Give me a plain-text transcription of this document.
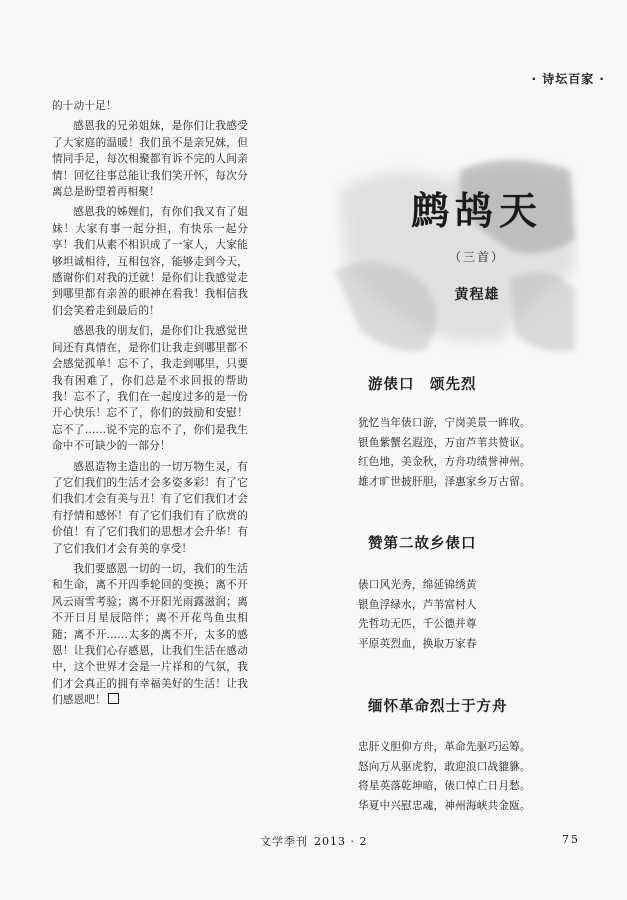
· 诗坛百家 ·

的十动十足！

感恩我的兄弟姐妹，是你们让我感受了大家庭的温暖！我们虽不是亲兄妹，但情同手足，每次相聚都有诉不完的人间亲情！回忆往事总能让我们笑开怀，每次分离总是盼望着再相聚！

感恩我的姊娌们，有你们我又有了姐妹！大家有事一起分担，有快乐一起分享！我们从素不相识成了一家人，大家能够坦诚相待，互相包容，能够走到今天，感谢你们对我的迁就！是你们让我感觉走到哪里都有亲善的眼神在看我！我相信我们会笑着走到最后的！

感恩我的朋友们，是你们让我感觉世间还有真情在，是你们让我走到哪里都不会感觉孤单！忘不了，我走到哪里，只要我有困难了，你们总是不求回报的帮助我！忘不了，我们在一起度过多的是一份开心快乐！忘不了，你们的鼓励和安慰！忘不了……说不完的忘不了，你们是我生命中不可缺少的一部分！

感恩造物主造出的一切万物生灵，有了它们我们的生活才会多姿多彩！有了它们我们才会有美与丑！有了它们我们才会有抒情和感怀！有了它们我们有了欣赏的价值！有了它们我们的思想才会升华！有了它们我们才会有美的享受！

我们要感恩一切的一切，我们的生活和生命，离不开四季轮回的变换；离不开风云雨雪考验；离不开阳光雨露滋润；离不开日月星辰陪伴；离不开花鸟鱼虫相随；离不开……太多的离不开，太多的感恩！让我们心存感恩，让我们生活在感动中，这个世界才会是一片祥和的气氛，我们才会真正的拥有幸福美好的生活！让我们感恩吧！

鹧鸪天
（三首）
黄程雄
游俵口　颂先烈
犹忆当年俵口游，宁岗美景一眸收。
银鱼紫蟹名遐迩，万亩芦苇共赞讴。
红色地，美金秋，方舟功绩誉神州。
雄才旷世披肝胆，泽惠家乡万古留。
赞第二故乡俵口
俵口风光秀，绵延锦绣黄
银鱼浮绿水，芦苇富村人
先哲功无匹，千公德并尊
平原英烈血，换取万家春
缅怀革命烈士于方舟
忠肝义胆仰方舟，革命先驱巧运筹。
怒向万从驱虎豹，敢迎浪口战貔貅。
将星英落乾坤暗，俵口悼亡日月愁。
华夏中兴慰忠魂，神州海峡共金瓯。
文学季刊 2013 · 2	75
